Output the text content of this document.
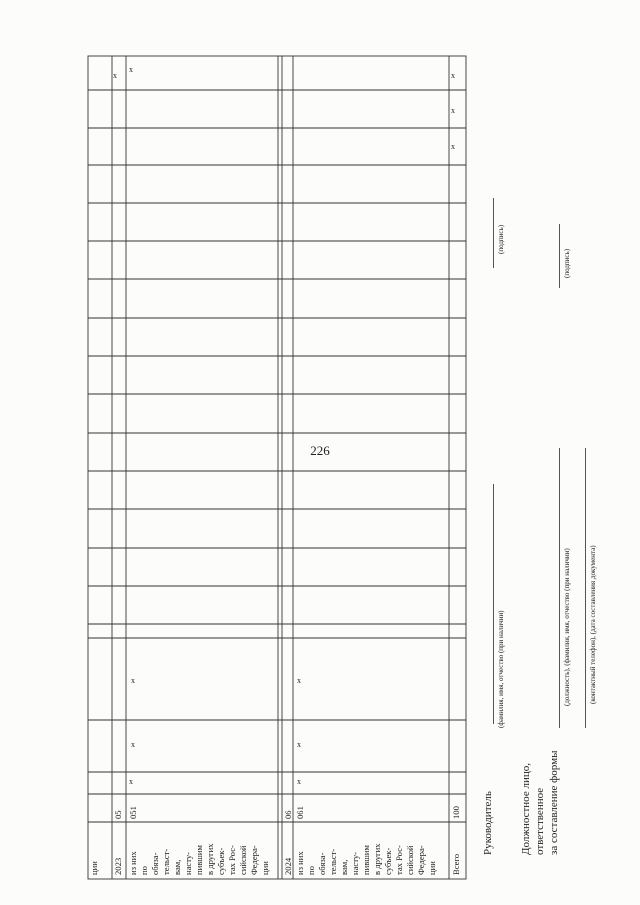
226
ции 2023
05
из них по обяза- тельст- вам, насту- пившим в других субъек- тах Рос- сийской Федера- ции
051
2024
06
из них по обяза- тельст- вам, насту- пившим в других субъек- тах Рос- сийской Федера- ции
061
Всего
100
x
x
x
x
x
x
x
x
x
x
x
Руководитель
(фамилия, имя, отчество (при наличии)
(подпись)
Должностное лицо, ответственное за составление формы
(должность), (фамилия, имя, отчество (при наличии)
(подпись)
(контактный телефон), (дата составления документа)
